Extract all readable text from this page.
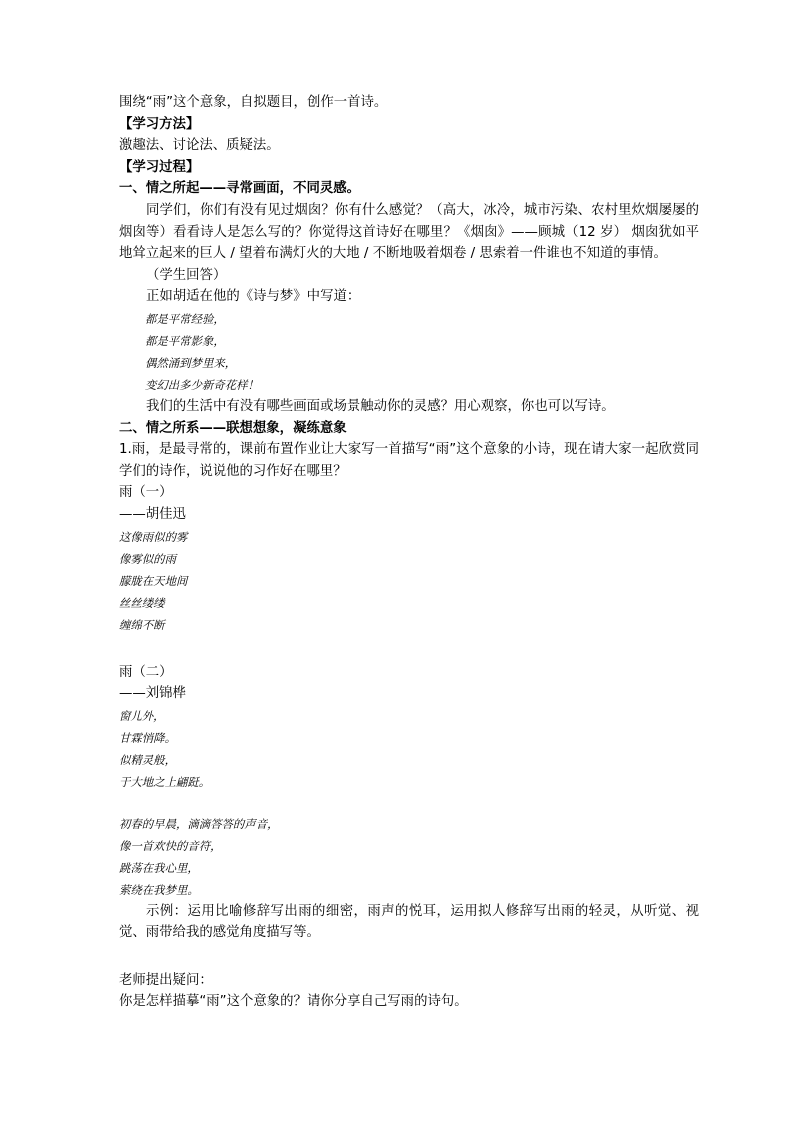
围绕“雨”这个意象，自拟题目，创作一首诗。
【学习方法】
激趣法、讨论法、质疑法。
【学习过程】
一、情之所起——寻常画面，不同灵感。
同学们，你们有没有见过烟囱？你有什么感觉？（高大，冰冷，城市污染、农村里炊烟屡屡的烟囱等）看看诗人是怎么写的？你觉得这首诗好在哪里？《烟囱》——顾城（12 岁） 烟囱犹如平地耸立起来的巨人 / 望着布满灯火的大地 / 不断地吸着烟卷 / 思索着一件谁也不知道的事情。
（学生回答）
正如胡适在他的《诗与梦》中写道：
都是平常经验，
都是平常影象，
偶然涌到梦里来，
变幻出多少新奇花样！
我们的生活中有没有哪些画面或场景触动你的灵感？用心观察，你也可以写诗。
二、情之所系——联想想象，凝练意象
1.雨，是最寻常的，课前布置作业让大家写一首描写“雨”这个意象的小诗，现在请大家一起欣赏同学们的诗作，说说他的习作好在哪里？
雨（一）
——胡佳迅
这像雨似的雾
像雾似的雨
朦胧在天地间
丝丝缕缕
缠绵不断
雨（二）
——刘锦桦
窗儿外，
甘霖悄降。
似精灵般，
于大地之上翩跹。
初春的早晨，滴滴答答的声音，
像一首欢快的音符，
跳荡在我心里，
萦绕在我梦里。
示例：运用比喻修辞写出雨的细密，雨声的悦耳，运用拟人修辞写出雨的轻灵，从听觉、视觉、雨带给我的感觉角度描写等。
老师提出疑问：
你是怎样描摹“雨”这个意象的？请你分享自己写雨的诗句。
